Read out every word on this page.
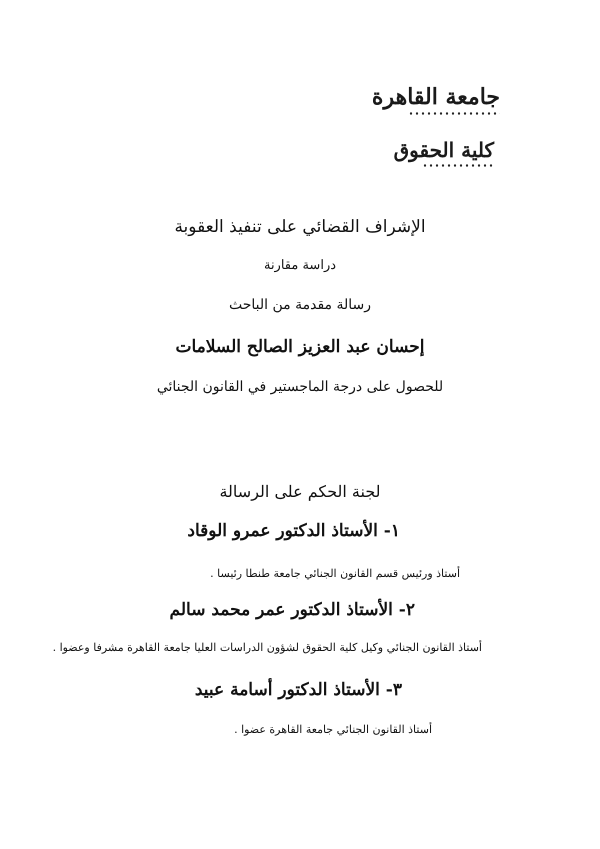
جامعة القاهرة
كلية الحقوق
الإشراف القضائي على تنفيذ العقوبة
دراسة مقارنة
رسالة مقدمة من الباحث
إحسان عبد العزيز الصالح السلامات
للحصول على درجة الماجستير في القانون الجنائي
لجنة الحكم على الرسالة
١- الأستاذ الدكتور عمرو الوقاد
أستاذ ورئيس قسم القانون الجنائي جامعة طنطا رئيسا .
٢- الأستاذ الدكتور عمر محمد سالم
أستاذ القانون الجنائي وكيل كلية الحقوق لشؤون الدراسات العليا جامعة القاهرة مشرفا وعضوا .
٣- الأستاذ الدكتور أسامة عبيد
أستاذ القانون الجنائي جامعة القاهرة عضوا .
